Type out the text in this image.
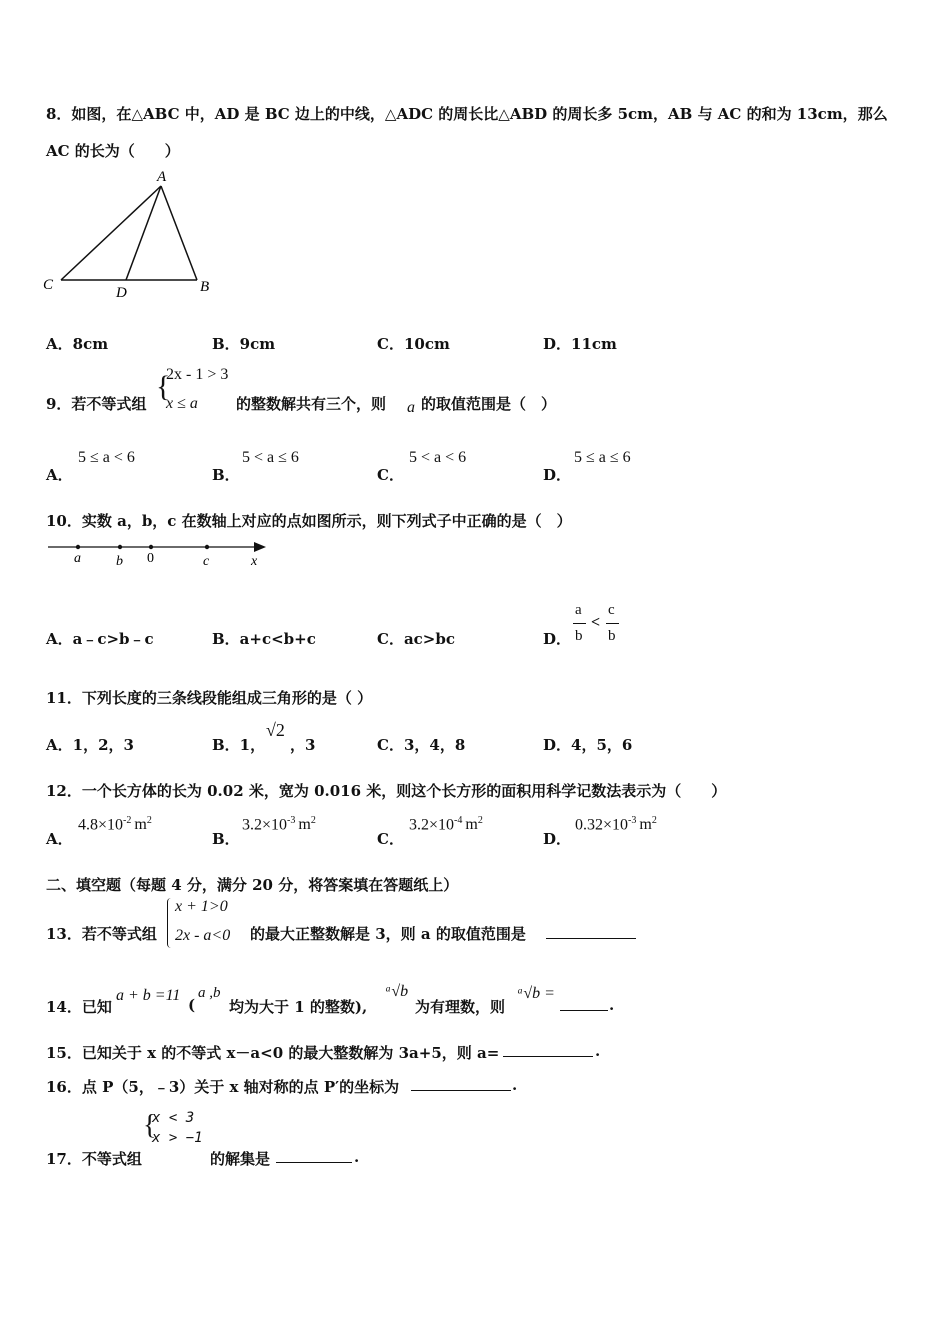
8．如图，在△ABC 中，AD 是 BC 边上的中线，△ADC 的周长比△ABD 的周长多 5cm，AB 与 AC 的和为 13cm，那么
AC 的长为（　　）
A
B
C	D
A．8cm	B．9cm	C．10cm	D．11cm
9．若不等式组
{
2x - 1 > 3
x ≤ a	的整数解共有三个，则 a 的取值范围是（　）
A．
5 ≤ a < 6
B．
5 < a ≤ 6
C．
5 < a < 6
D．
5 ≤ a ≤ 6
10．实数 a，b，c 在数轴上对应的点如图所示，则下列式子中正确的是（　）
a	b 0	c	x
A．a﹣c>b﹣c	B．a+c<b+c	C．ac>bc	D．
a
b
<
c
b
11．下列长度的三条线段能组成三角形的是（ ）
A．1，2，3	B．1，
√2
，3	C．3，4，8	D．4，5，6
12．一个长方体的长为 0.02 米，宽为 0.016 米，则这个长方形的面积用科学记数法表示为（　　）
A．
$4.8\times 10^{-2}$ $m^2$
B．
$3.2\times 10^{-3}$ $m^2$
C．
$3.2\times 10^{-4}$ $m^2$
D．
$0.32\times 10^{-3}$ $m^2$
二、填空题（每题 4 分，满分 20 分，将答案填在答题纸上）
13．若不等式组
x + 1>0
2x - a<0 的最大正整数解是 3，则 a 的取值范围是
14．已知
a + b =11
(
a ,b
均为大于 1 的整数),
ᵃ√b
为有理数，则
ᵃ√b =
.
15．已知关于 x 的不等式 x－a<0 的最大整数解为 3a+5，则 a=	.
16．点 P（5，﹣3）关于 x 轴对称的点 P′的坐标为	.
17．不等式组
{
x < 3
x > −1
的解集是	.
